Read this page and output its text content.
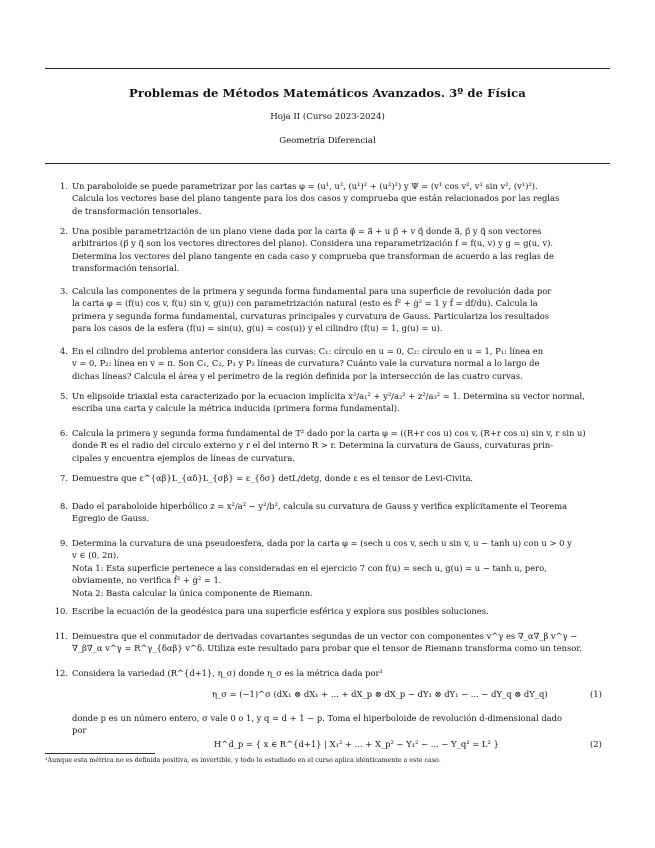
Problemas de Métodos Matemáticos Avanzados. 3º de Física
Hoja II (Curso 2023-2024)
Geometría Diferencial
1. Un paraboloide se puede parametrizar por las cartas φ = (u¹, u², (u¹)² + (u²)²) y Ψ = (v¹ cos v², v¹ sin v², (v¹)²).
Calcula los vectores base del plano tangente para los dos casos y comprueba que están relacionados por las reglas
de transformación tensoriales.
2. Una posible parametrización de un plano viene dada por la carta φ⃗ = a⃗ + u p⃗ + v q⃗ donde a⃗, p⃗ y q⃗ son vectores
arbitrarios (p⃗ y q⃗ son los vectores directores del plano). Considera una reparametrización f = f(u, v) y g = g(u, v).
Determina los vectores del plano tangente en cada caso y comprueba que transforman de acuerdo a las reglas de
transformación tensorial.
3. Calcula las componentes de la primera y segunda forma fundamental para una superficie de revolución dada por
la carta φ = (f(u) cos v, f(u) sin v, g(u)) con parametrización natural (esto es ḟ² + ġ² = 1 y ḟ = df/du). Calcula la
primera y segunda forma fundamental, curvaturas principales y curvatura de Gauss. Particulariza los resultados
para los casos de la esfera (f(u) = sin(u), g(u) = cos(u)) y el cilindro (f(u) = 1, g(u) = u).
4. En el cilindro del problema anterior considera las curvas: C₁: círculo en u = 0, C₂: círculo en u = 1, P₁: línea en
v = 0, P₂: línea en v = π. Son C₁, C₂, P₁ y P₂ líneas de curvatura? Cuánto vale la curvatura normal a lo largo de
dichas líneas? Calcula el área y el perímetro de la región definida por la intersección de las cuatro curvas.
5. Un elipsoide triaxial esta caracterizado por la ecuacion implícita x²/a₁² + y²/a₂² + z²/a₃² = 1. Determina su vector normal,
escriba una carta y calcule la métrica inducida (primera forma fundamental).
6. Calcula la primera y segunda forma fundamental de T² dado por la carta φ = ((R+r cos u) cos v, (R+r cos u) sin v, r sin u)
donde R es el radio del circulo externo y r el del interno R > r. Determina la curvatura de Gauss, curvaturas prin-
cipales y encuentra ejemplos de líneas de curvatura.
7. Demuestra que ε^{αβ}L_{αδ}L_{σβ} = ε_{δσ} detL/detg, donde ε es el tensor de Levi-Civita.
8. Dado el paraboloide hiperbólico z = x²/a² − y²/b², calcula su curvatura de Gauss y verifica explícitamente el Teorema
Egregio de Gauss.
9. Determina la curvatura de una pseudoesfera, dada por la carta φ = (sech u cos v, sech u sin v, u − tanh u) con u > 0 y
v ∈ (0, 2π).
Nota 1: Esta superficie pertenece a las consideradas en el ejercicio 7 con f(u) = sech u, g(u) = u − tanh u, pero,
obviamente, no verifica ḟ² + ġ² = 1.
Nota 2: Basta calcular la única componente de Riemann.
10. Escribe la ecuación de la geodésica para una superficie esférica y explora sus posibles soluciones.
11. Demuestra que el conmutador de derivadas covariantes segundas de un vector con componentes v^γ es ∇_α∇_β v^γ −
∇_β∇_α v^γ = R^γ_{δαβ} v^δ. Utiliza este resultado para probar que el tensor de Riemann transforma como un tensor.
12. Considera la variedad (R^{d+1}, η_σ) donde η_σ es la métrica dada por¹
η_σ = (−1)^σ (dX₁ ⊗ dX₁ + ... + dX_p ⊗ dX_p − dY₁ ⊗ dY₁ − ... − dY_q ⊗ dY_q)	(1)
donde p es un número entero, σ vale 0 o 1, y q = d + 1 − p. Toma el hiperboloide de revolución d-dimensional dado
por
H^d_p = { x ∈ R^{d+1} | X₁² + ... + X_p² − Y₁² − ... − Y_q² = L² }	(2)
¹Aunque esta métrica no es definida positiva, es invertible, y todo lo estudiado en el curso aplica idénticamente a este caso.
